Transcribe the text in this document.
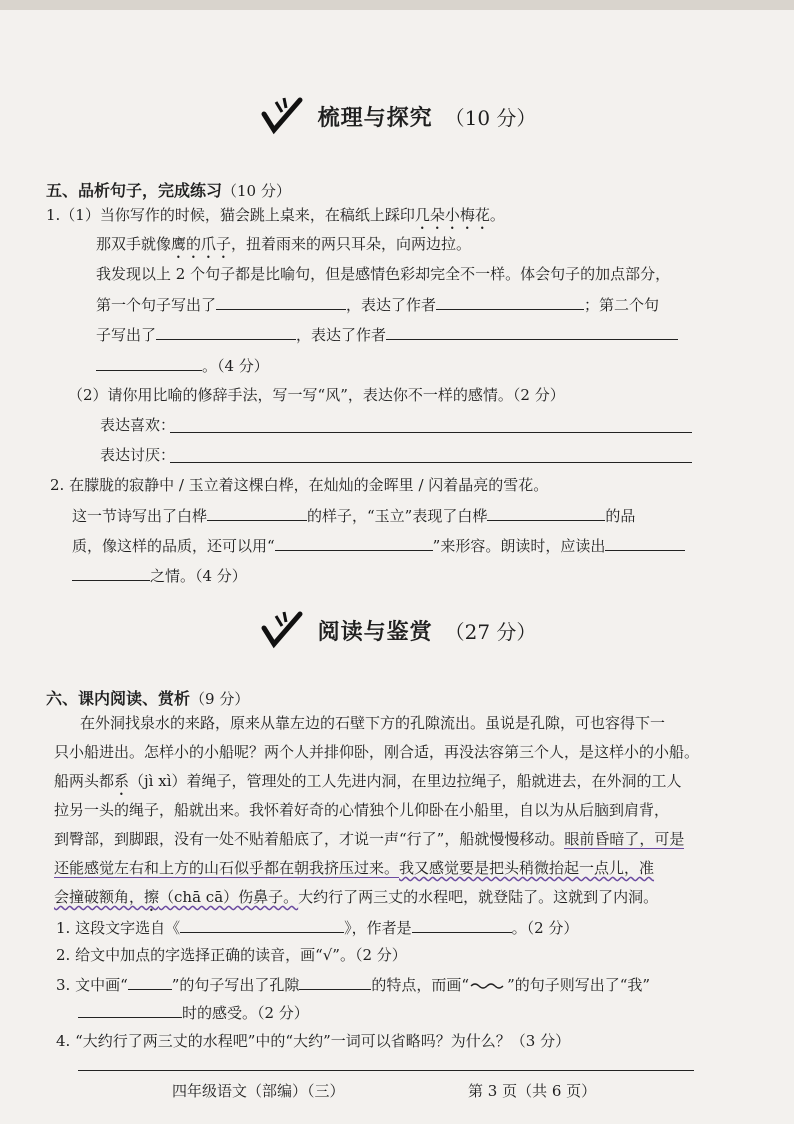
梳理与探究 （10 分）
五、品析句子，完成练习（10 分）
1.（1）当你写作的时候，猫会跳上桌来，在稿纸上踩印几朵小梅花。
那双手就像鹰的爪子，扭着雨来的两只耳朵，向两边拉。
我发现以上 2 个句子都是比喻句，但是感情色彩却完全不一样。体会句子的加点部分，
第一个句子写出了	，表达了作者	；第二个句
子写出了	，表达了作者
。（4 分）
（2）请你用比喻的修辞手法，写一写“风”，表达你不一样的感情。（2 分）
表达喜欢：
表达讨厌：
2. 在朦胧的寂静中 / 玉立着这棵白桦，在灿灿的金晖里 / 闪着晶亮的雪花。
这一节诗写出了白桦	的样子，“玉立”表现了白桦	的品
质，像这样的品质，还可以用“	”来形容。朗读时，应读出
之情。（4 分）
阅读与鉴赏 （27 分）
六、课内阅读、赏析（9 分）
在外洞找泉水的来路，原来从靠左边的石壁下方的孔隙流出。虽说是孔隙，可也容得下一
只小船进出。怎样小的小船呢？两个人并排仰卧，刚合适，再没法容第三个人，是这样小的小船。
船两头都系（jì xì）着绳子，管理处的工人先进内洞，在里边拉绳子，船就进去，在外洞的工人
拉另一头的绳子，船就出来。我怀着好奇的心情独个儿仰卧在小船里，自以为从后脑到肩背，
到臀部，到脚跟，没有一处不贴着船底了，才说一声“行了”，船就慢慢移动。眼前昏暗了，可是
还能感觉左右和上方的山石似乎都在朝我挤压过来。我又感觉要是把头稍微抬起一点儿，准
会撞破额角，擦（chā cā）伤鼻子。大约行了两三丈的水程吧，就登陆了。这就到了内洞。
1. 这段文字选自《	》，作者是	。（2 分）
2. 给文中加点的字选择正确的读音，画“√”。（2 分）
3. 文中画“	”的句子写出了孔隙	的特点，而画“	”的句子则写出了“我”
时的感受。（2 分）
4. “大约行了两三丈的水程吧”中的“大约”一词可以省略吗？为什么？（3 分）
四年级语文（部编）（三）	第 3 页（共 6 页）
